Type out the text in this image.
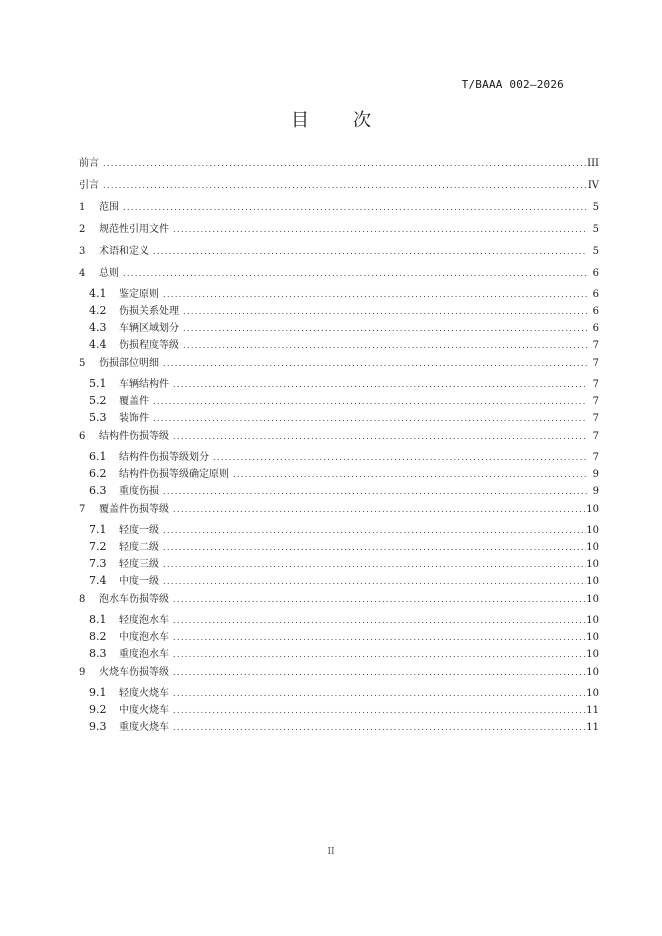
T/BAAA 002—2026
目 次
前言 .....	III
引言 .....	IV
1	范围 .....	5
2	规范性引用文件 .....	5
3	术语和定义 .....	5
4	总则 .....	6
4.1	鉴定原则 .....	6
4.2	伤损关系处理 .....	6
4.3	车辆区域划分 .....	6
4.4	伤损程度等级 .....	7
5	伤损部位明细 .....	7
5.1	车辆结构件 .....	7
5.2	覆盖件 .....	7
5.3	装饰件 .....	7
6	结构件伤损等级 .....	7
6.1	结构件伤损等级划分 .....	7
6.2	结构件伤损等级确定原则 .....	9
6.3	重度伤损 .....	9
7	覆盖件伤损等级 .....	10
7.1	轻度一级 .....	10
7.2	轻度二级 .....	10
7.3	轻度三级 .....	10
7.4	中度一级 .....	10
8	泡水车伤损等级 .....	10
8.1	轻度泡水车 .....	10
8.2	中度泡水车 .....	10
8.3	重度泡水车 .....	10
9	火烧车伤损等级 .....	10
9.1	轻度火烧车 .....	10
9.2	中度火烧车 .....	11
9.3	重度火烧车 .....	11
II
